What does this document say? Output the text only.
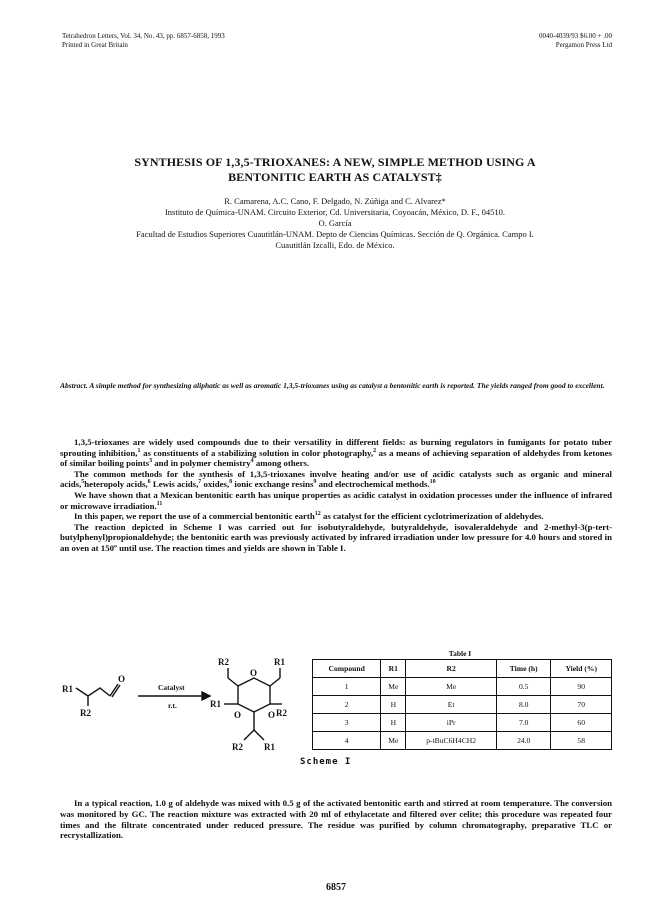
Tetrahedron Letters, Vol. 34, No. 43, pp. 6857-6858, 1993
Printed in Great Britain
0040-4039/93 $6.00 + .00
Pergamon Press Ltd
SYNTHESIS OF 1,3,5-TRIOXANES: A NEW, SIMPLE METHOD USING A
BENTONITIC EARTH AS CATALYST‡
R. Camarena, A.C. Cano, F. Delgado, N. Zúñiga and C. Alvarez*
Instituto de Química-UNAM. Circuito Exterior, Cd. Universitaria, Coyoacán, México, D. F., 04510.
O. García
Facultad de Estudios Superiores Cuautitlán-UNAM. Depto de Ciencias Químicas. Sección de Q. Orgánica. Campo I.
Cuautitlán Izcalli, Edo. de México.
Abstract. A simple method for synthesizing aliphatic as well as aromatic 1,3,5-trioxanes using as catalyst a bentonitic earth is reported. The yields ranged from good to excellent.

1,3,5-trioxanes are widely used compounds due to their versatility in different fields: as burning regulators in fumigants for potato tuber sprouting inhibition,$^1$ as constituents of a stabilizing solution in color photography,$^2$ as a means of achieving separation of aldehydes from ketones of similar boiling points$^3$ and in polymer chemistry$^4$ among others.

The common methods for the synthesis of 1,3,5-trioxanes involve heating and/or use of acidic catalysts such as organic and mineral acids,$^5$heteropoly acids,$^6$ Lewis acids,$^7$ oxides,$^8$ ionic exchange resins$^9$ and electrochemical methods.$^{10}$

We have shown that a Mexican bentonitic earth has unique properties as acidic catalyst in oxidation processes under the influence of infrared or microwave irradiation.$^{11}$

In this paper, we report the use of a commercial bentonitic earth$^{12}$ as catalyst for the efficient cyclotrimerization of aldehydes.

The reaction depicted in Scheme I was carried out for isobutyraldehyde, butyraldehyde, isovaleraldehyde and 2-methyl-3(p-tert-butylphenyl)propionaldehyde; the bentonitic earth was previously activated by infrared irradiation under low pressure for 4.0 hours and stored in an oven at 150º until use. The reaction times and yields are shown in Table I.

R1
O
R2
Catalyst
r.t.
O
O	O
R2	R1
R1
R2
R2 R1
Scheme I
Table I
Compound	R1	R2	Time (h)	Yield (%)
1	Me	Me	0.5	90
2	H	Et	8.0	70
3	H	iPr	7.0	60
4	Me	p-tBuC6H4CH2	24.0	58

In a typical reaction, 1.0 g of aldehyde was mixed with 0.5 g of the activated bentonitic earth and stirred at room temperature. The conversion was monitored by GC. The reaction mixture was extracted with 20 ml of ethylacetate and filtered over celite; this procedure was repeated four times and the filtrate concentrated under reduced pressure. The residue was purified by column chromatography, preparative TLC or recrystallization.

6857
